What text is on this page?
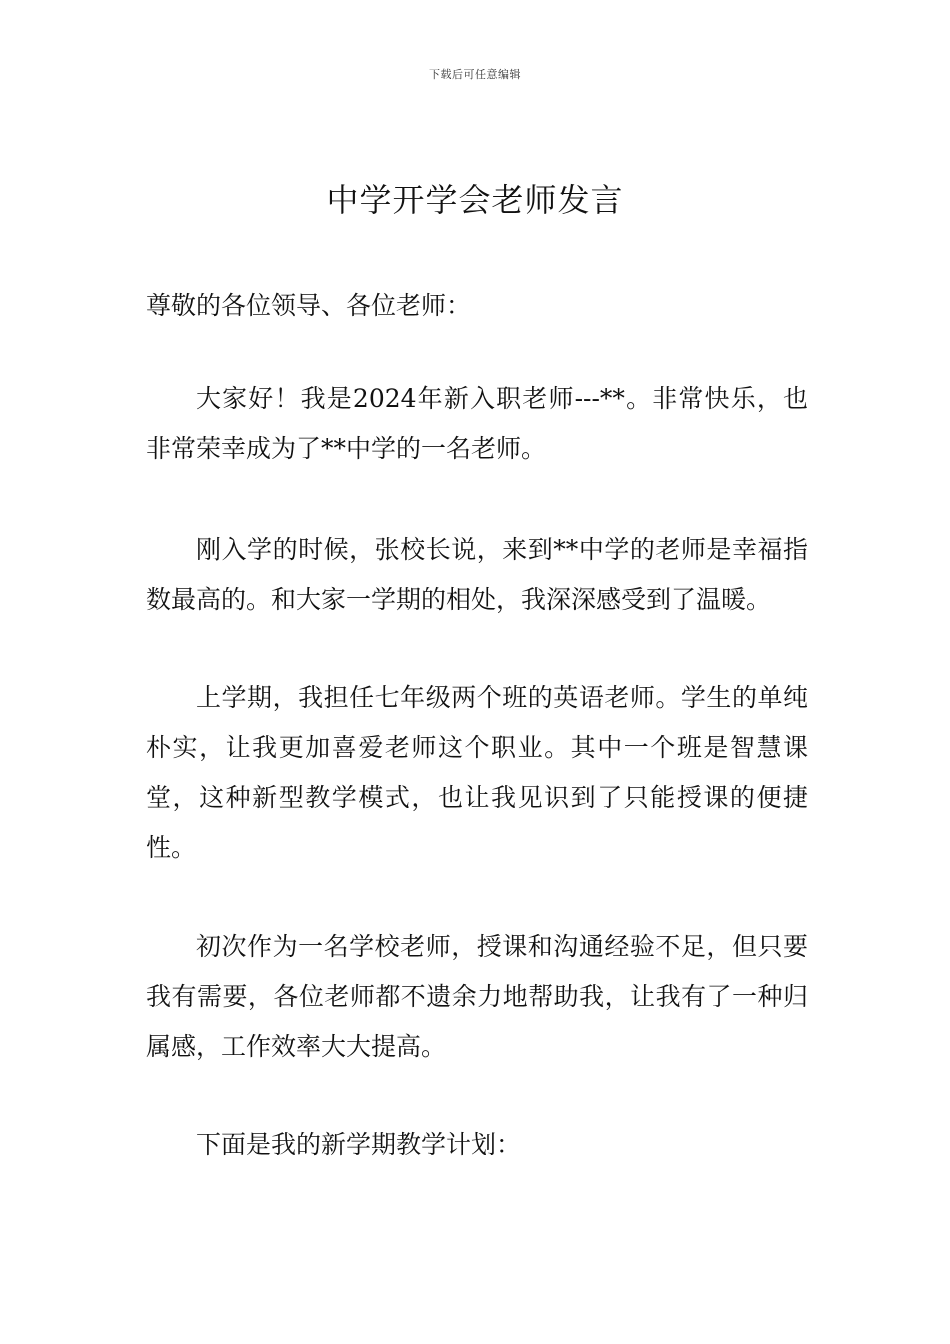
下载后可任意编辑
中学开学会老师发言

尊敬的各位领导、各位老师：

大家好！我是2024年新入职老师---**。非常快乐，也非常荣幸成为了**中学的一名老师。

刚入学的时候，张校长说，来到**中学的老师是幸福指数最高的。和大家一学期的相处，我深深感受到了温暖。

上学期，我担任七年级两个班的英语老师。学生的单纯朴实，让我更加喜爱老师这个职业。其中一个班是智慧课堂，这种新型教学模式，也让我见识到了只能授课的便捷性。

初次作为一名学校老师，授课和沟通经验不足，但只要我有需要，各位老师都不遗余力地帮助我，让我有了一种归属感，工作效率大大提高。

下面是我的新学期教学计划：
